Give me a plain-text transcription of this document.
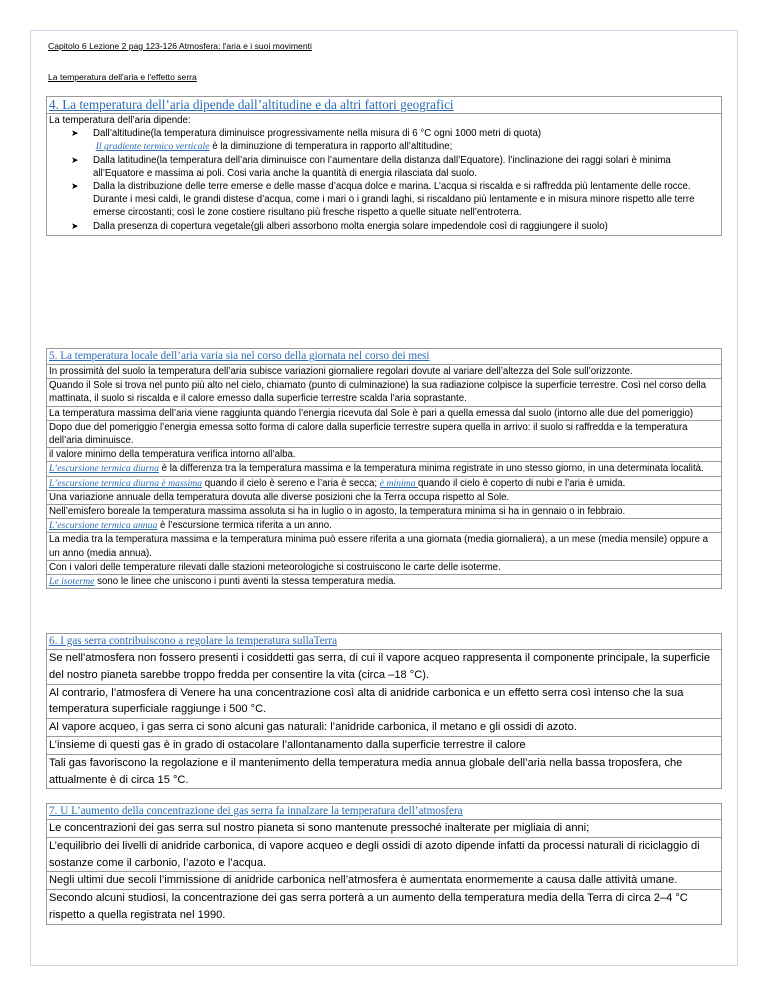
Capitolo 6 Lezione 2 pag 123-126 Atmosfera: l'aria e i suoi movimenti
La temperatura dell'aria e l'effetto serra
4. La temperatura dell’aria dipende dall’altitudine e da altri fattori geografici
La temperatura dell’aria dipende:
➤ Dall’altitudine(la temperatura diminuisce progressivamente nella misura di 6 °C ogni 1000 metri di quota)
Il gradiente termico verticale è la diminuzione di temperatura in rapporto all’altitudine;
➤ Dalla latitudine(la temperatura dell’aria diminuisce con l’aumentare della distanza dall’Equatore). l’inclinazione dei raggi solari è minima all’Equatore e massima ai poli. Cosi varia anche la quantità di energia rilasciata dal suolo.
➤ Dalla la distribuzione delle terre emerse e delle masse d’acqua dolce e marina. L’acqua si riscalda e si raffredda più lentamente delle rocce. Durante i mesi caldi, le grandi distese d’acqua, come i mari o i grandi laghi, si riscaldano più lentamente e in misura minore rispetto alle terre emerse circostanti; così le zone costiere risultano più fresche rispetto a quelle situate nell’entroterra.
➤ Dalla presenza di copertura vegetale(gli alberi assorbono molta energia solare impedendole così di raggiungere il suolo)
5. La temperatura locale dell’aria varia sia nel corso della giornata nel corso dei mesi
In prossimità del suolo la temperatura dell’aria subisce variazioni giornaliere regolari dovute al variare dell’altezza del Sole sull’orizzonte.
Quando il Sole si trova nel punto più alto nel cielo, chiamato (punto di culminazione) la sua radiazione colpisce la superficie terrestre. Così nel corso della mattinata, il suolo si riscalda e il calore emesso dalla superficie terrestre scalda l’aria soprastante.
La temperatura massima dell’aria viene raggiunta quando l’energia ricevuta dal Sole è pari a quella emessa dal suolo (intorno alle due del pomeriggio)
Dopo due del pomeriggio l’energia emessa sotto forma di calore dalla superficie terrestre supera quella in arrivo: il suolo si raffredda e la temperatura dell’aria diminuisce.
il valore minimo della temperatura verifica intorno all’alba.
L’escursione termica diurna è la differenza tra la temperatura massima e la temperatura minima registrate in uno stesso giorno, in una determinata località.
L’escursione termica diurna è massima quando il cielo è sereno e l’aria è secca; è minima quando il cielo è coperto di nubi e l’aria è umida.
Una variazione annuale della temperatura dovuta alle diverse posizioni che la Terra occupa rispetto al Sole.
Nell’emisfero boreale la temperatura massima assoluta si ha in luglio o in agosto, la temperatura minima si ha in gennaio o in febbraio.
L’escursione termica annua è l’escursione termica riferita a un anno.
La media tra la temperatura massima e la temperatura minima può essere riferita a una giornata (media giornaliera), a un mese (media mensile) oppure a un anno (media annua).
Con i valori delle temperature rilevati dalle stazioni meteorologiche si costruiscono le carte delle isoterme.
Le isoterme sono le linee che uniscono i punti aventi la stessa temperatura media.
6. I gas serra contribuiscono a regolare la temperatura sullaTerra
Se nell’atmosfera non fossero presenti i cosiddetti gas serra, di cui il vapore acqueo rappresenta il componente principale, la superficie del nostro pianeta sarebbe troppo fredda per consentire la vita (circa –18 °C).
Al contrario, l’atmosfera di Venere ha una concentrazione così alta di anidride carbonica e un effetto serra così intenso che la sua temperatura superficiale raggiunge i 500 °C.
Al vapore acqueo, i gas serra ci sono alcuni gas naturali: l’anidride carbonica, il metano e gli ossidi di azoto.
L’insieme di questi gas è in grado di ostacolare l’allontanamento dalla superficie terrestre il calore
Tali gas favoriscono la regolazione e il mantenimento della temperatura media annua globale dell’aria nella bassa troposfera, che attualmente è di circa 15 °C.
7. U L’aumento della concentrazione dei gas serra fa innalzare la temperatura dell’atmosfera
Le concentrazioni dei gas serra sul nostro pianeta si sono mantenute pressoché inalterate per migliaia di anni;
L’equilibrio dei livelli di anidride carbonica, di vapore acqueo e degli ossidi di azoto dipende infatti da processi naturali di riciclaggio di sostanze come il carbonio, l’azoto e l’acqua.
Negli ultimi due secoli l’immissione di anidride carbonica nell’atmosfera è aumentata enormemente a causa dalle attività umane.
Secondo alcuni studiosi, la concentrazione dei gas serra porterà a un aumento della temperatura media della Terra di circa 2–4 °C rispetto a quella registrata nel 1990.
